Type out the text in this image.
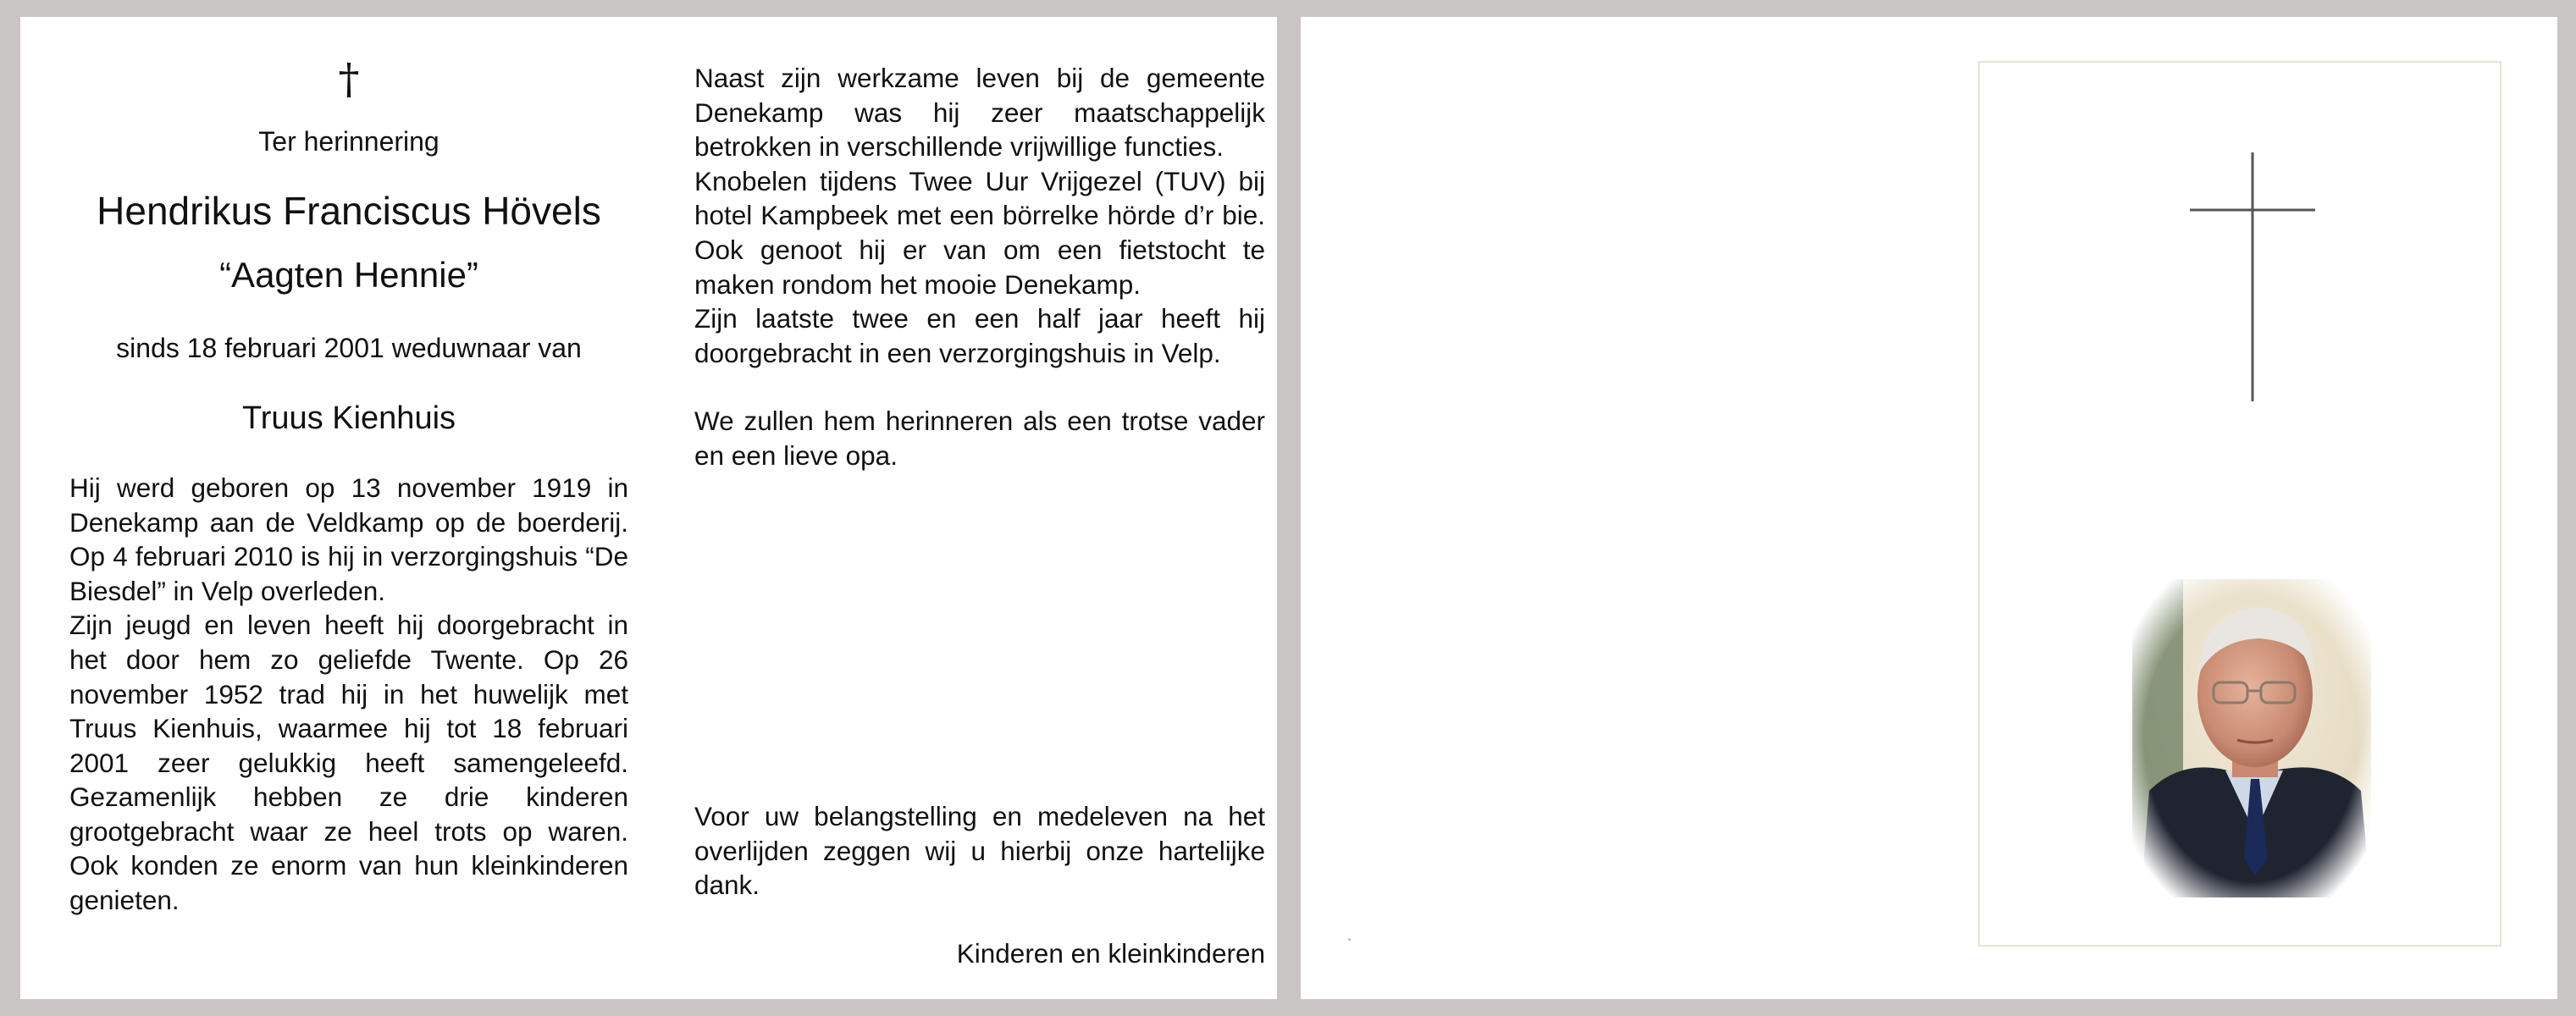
†
Ter herinnering
Hendrikus Franciscus Hövels
“Aagten Hennie”
sinds 18 februari 2001 weduwnaar van
Truus Kienhuis

Hij werd geboren op 13 november 1919 in Denekamp aan de Veldkamp op de boerderij. Op 4 februari 2010 is hij in verzorgingshuis “De Biesdel” in Velp overleden.

Zijn jeugd en leven heeft hij doorgebracht in het door hem zo geliefde Twente. Op 26 november 1952 trad hij in het huwelijk met Truus Kienhuis, waarmee hij tot 18 februari 2001 zeer gelukkig heeft samengeleefd. Gezamenlijk hebben ze drie kinderen grootgebracht waar ze heel trots op waren. Ook konden ze enorm van hun kleinkinderen genieten.

Naast zijn werkzame leven bij de gemeente Denekamp was hij zeer maatschappelijk betrokken in verschillende vrijwillige functies.

Knobelen tijdens Twee Uur Vrijgezel (TUV) bij hotel Kampbeek met een börrelke hörde d’r bie. Ook genoot hij er van om een fietstocht te maken rondom het mooie Denekamp.

Zijn laatste twee en een half jaar heeft hij doorgebracht in een verzorgingshuis in Velp.

We zullen hem herinneren als een trotse vader en een lieve opa.

Voor uw belangstelling en medeleven na het overlijden zeggen wij u hierbij onze hartelijke dank.

Kinderen en kleinkinderen
